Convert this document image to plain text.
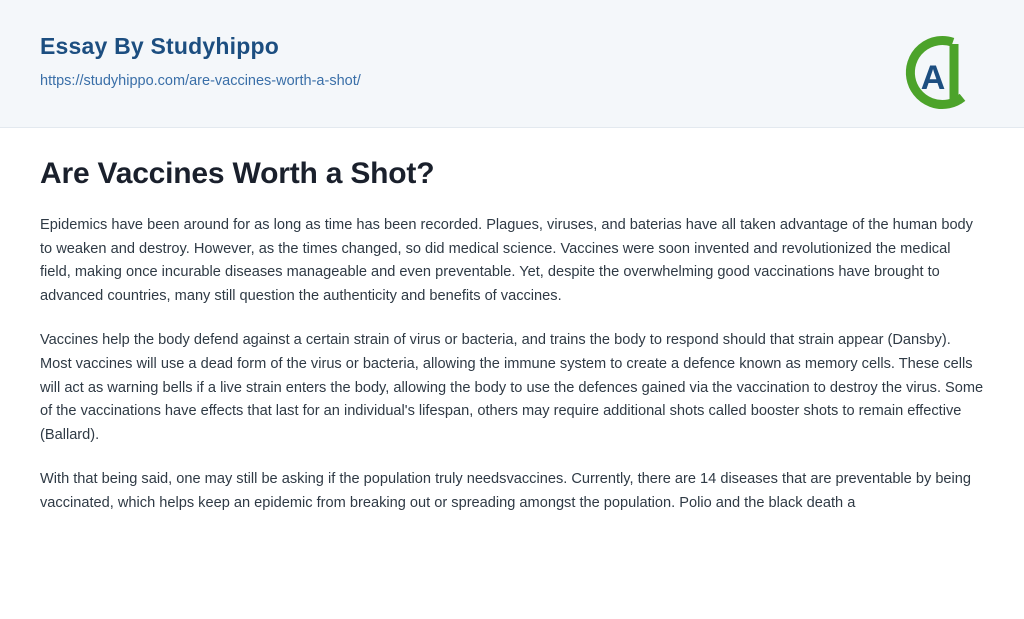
Essay By Studyhippo
https://studyhippo.com/are-vaccines-worth-a-shot/	A
Are Vaccines Worth a Shot?

Epidemics have been around for as long as time has been recorded. Plagues, viruses, and baterias have all taken advantage of the human body to weaken and destroy. However, as the times changed, so did medical science. Vaccines were soon invented and revolutionized the medical field, making once incurable diseases manageable and even preventable. Yet, despite the overwhelming good vaccinations have brought to advanced countries, many still question the authenticity and benefits of vaccines.

Vaccines help the body defend against a certain strain of virus or bacteria, and trains the body to respond should that strain appear (Dansby). Most vaccines will use a dead form of the virus or bacteria, allowing the immune system to create a defence known as memory cells. These cells will act as warning bells if a live strain enters the body, allowing the body to use the defences gained via the vaccination to destroy the virus. Some of the vaccinations have effects that last for an individual's lifespan, others may require additional shots called booster shots to remain effective (Ballard).

With that being said, one may still be asking if the population truly needsvaccines. Currently, there are 14 diseases that are preventable by being vaccinated, which helps keep an epidemic from breaking out or spreading amongst the population. Polio and the black death a
